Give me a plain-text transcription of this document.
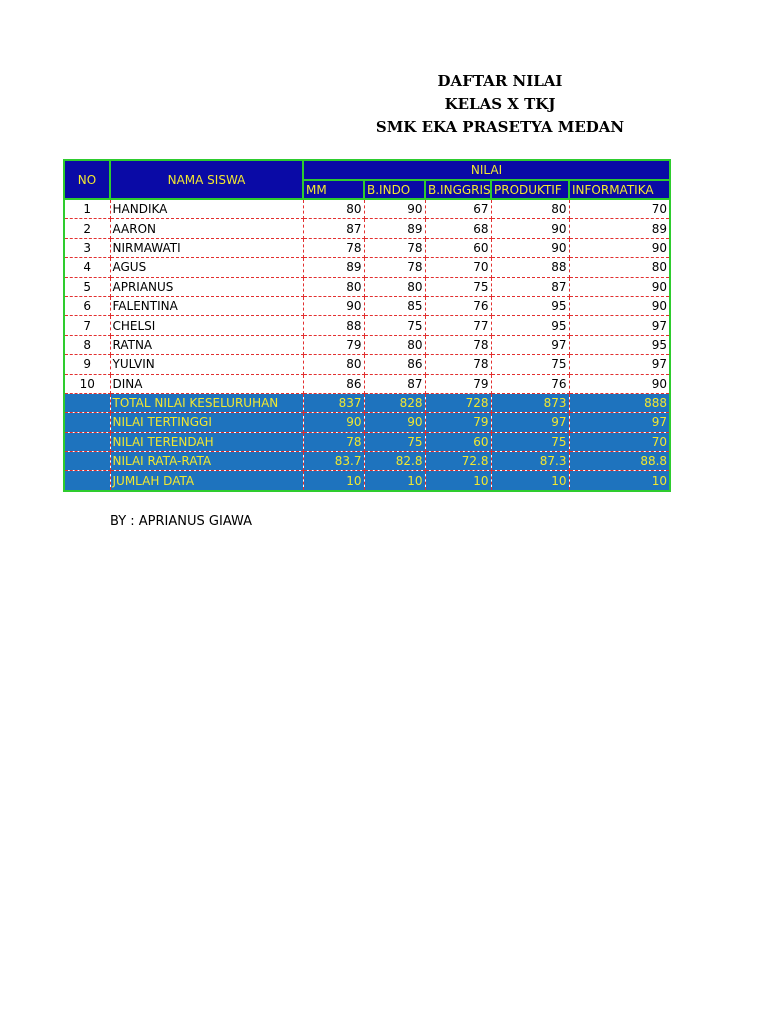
DAFTAR NILAI
KELAS X TKJ
SMK EKA PRASETYA MEDAN
NO	NAMA SISWA	NILAI				
		MM	B.INDO	B.INGGRIS	PRODUKTIF	INFORMATIKA
1	HANDIKA	80	90	67	80	70
2	AARON	87	89	68	90	89
3	NIRMAWATI	78	78	60	90	90
4	AGUS	89	78	70	88	80
5	APRIANUS	80	80	75	87	90
6	FALENTINA	90	85	76	95	90
7	CHELSI	88	75	77	95	97
8	RATNA	79	80	78	97	95
9	YULVIN	80	86	78	75	97
10	DINA	86	87	79	76	90
	TOTAL NILAI KESELURUHAN	837	828	728	873	888
	NILAI TERTINGGI	90	90	79	97	97
	NILAI TERENDAH	78	75	60	75	70
	NILAI RATA-RATA	83.7	82.8	72.8	87.3	88.8
	JUMLAH DATA	10	10	10	10	10
BY : APRIANUS GIAWA
